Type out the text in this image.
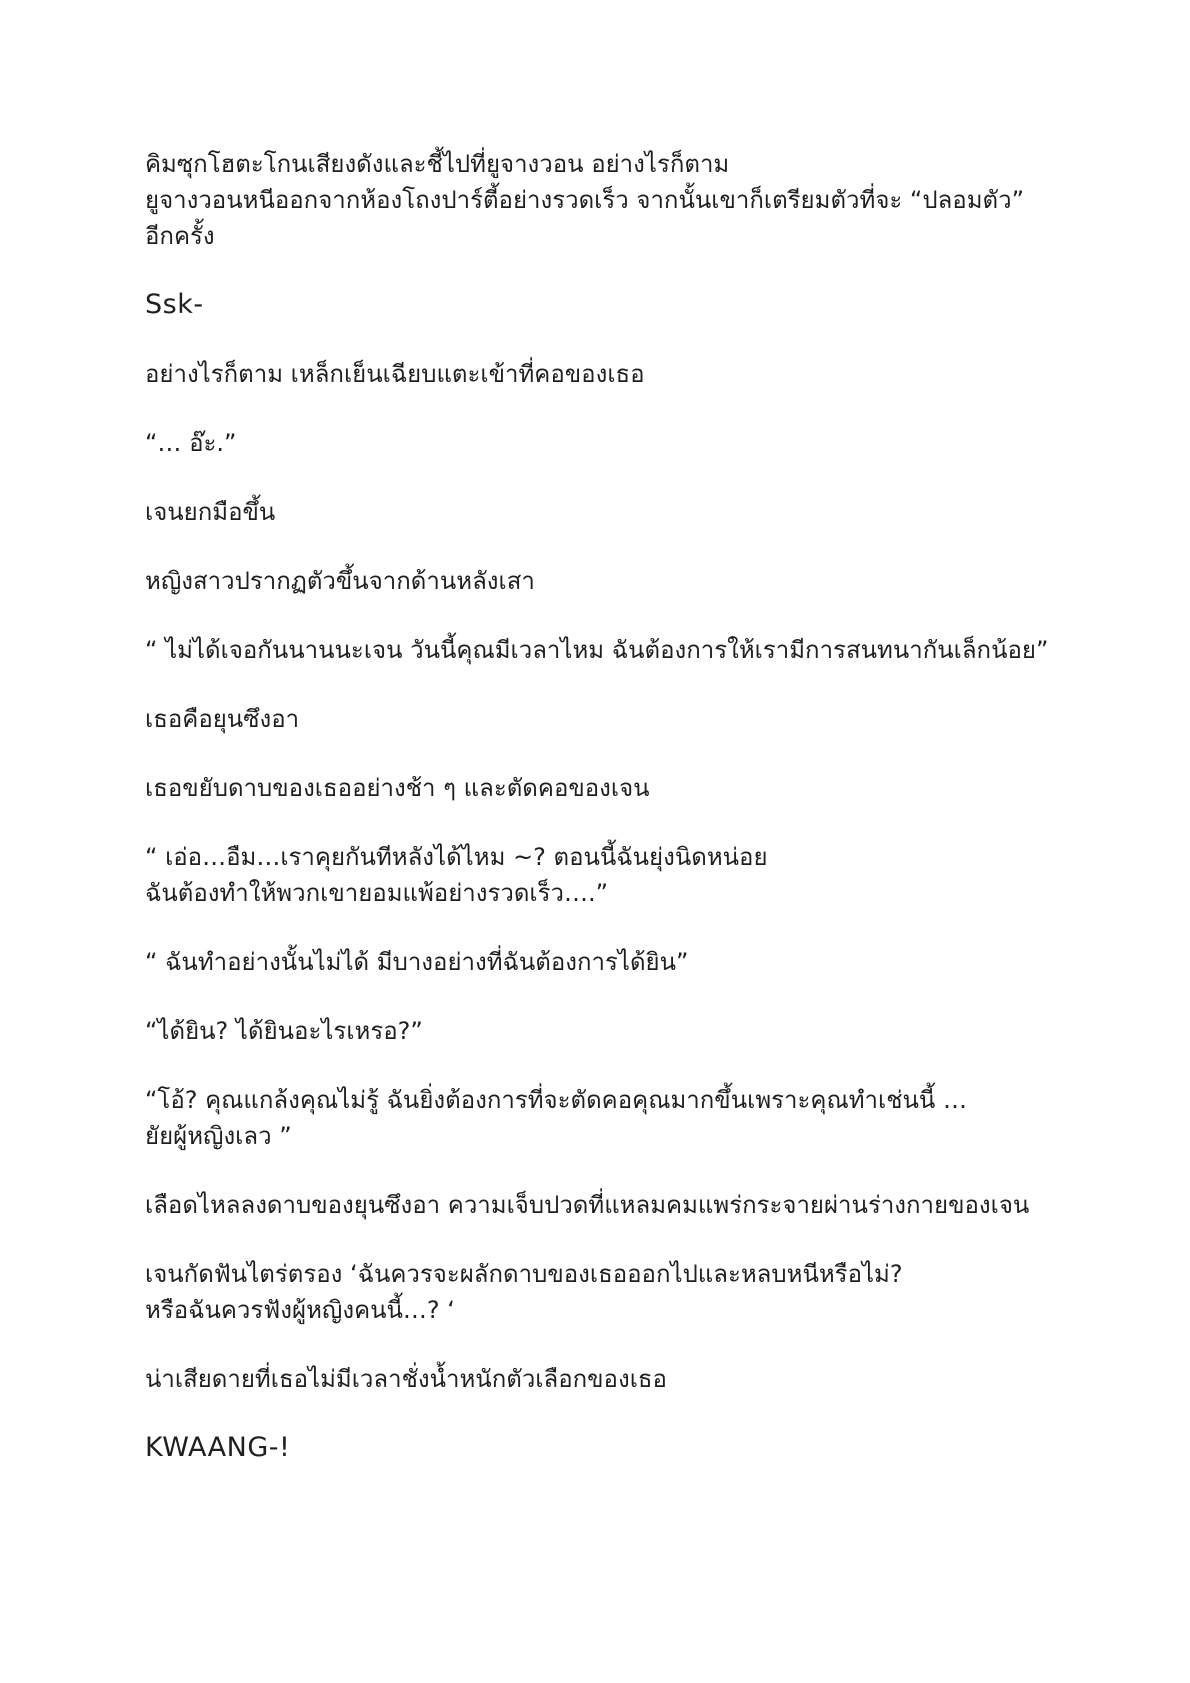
คิมซุกโฮตะโกนเสียงดังและชี้ไปที่ยูจางวอน อย่างไรก็ตาม
ยูจางวอนหนีออกจากห้องโถงปาร์ตี้อย่างรวดเร็ว จากนั้นเขาก็เตรียมตัวที่จะ “ปลอมตัว”
อีกครั้ง

Ssk-

อย่างไรก็ตาม เหล็กเย็นเฉียบแตะเข้าที่คอของเธอ

“… อ๊ะ.”

เจนยกมือขึ้น

หญิงสาวปรากฏตัวขึ้นจากด้านหลังเสา

“ ไม่ได้เจอกันนานนะเจน วันนี้คุณมีเวลาไหม ฉันต้องการให้เรามีการสนทนากันเล็กน้อย”

เธอคือยุนซึงอา

เธอขยับดาบของเธออย่างช้า ๆ และตัดคอของเจน

“ เอ่อ…อืม…เราคุยกันทีหลังได้ไหม ~? ตอนนี้ฉันยุ่งนิดหน่อย
ฉันต้องทำให้พวกเขายอมแพ้อย่างรวดเร็ว….”

“ ฉันทำอย่างนั้นไม่ได้ มีบางอย่างที่ฉันต้องการได้ยิน”

“ได้ยิน? ได้ยินอะไรเหรอ?”

“โอ้? คุณแกล้งคุณไม่รู้ ฉันยิ่งต้องการที่จะตัดคอคุณมากขึ้นเพราะคุณทำเช่นนี้ …
ยัยผู้หญิงเลว ”

เลือดไหลลงดาบของยุนซึงอา ความเจ็บปวดที่แหลมคมแพร่กระจายผ่านร่างกายของเจน

เจนกัดฟันไตร่ตรอง ‘ฉันควรจะผลักดาบของเธอออกไปและหลบหนีหรือไม่?
หรือฉันควรฟังผู้หญิงคนนี้…? ‘

น่าเสียดายที่เธอไม่มีเวลาชั่งน้ำหนักตัวเลือกของเธอ

KWAANG-!
